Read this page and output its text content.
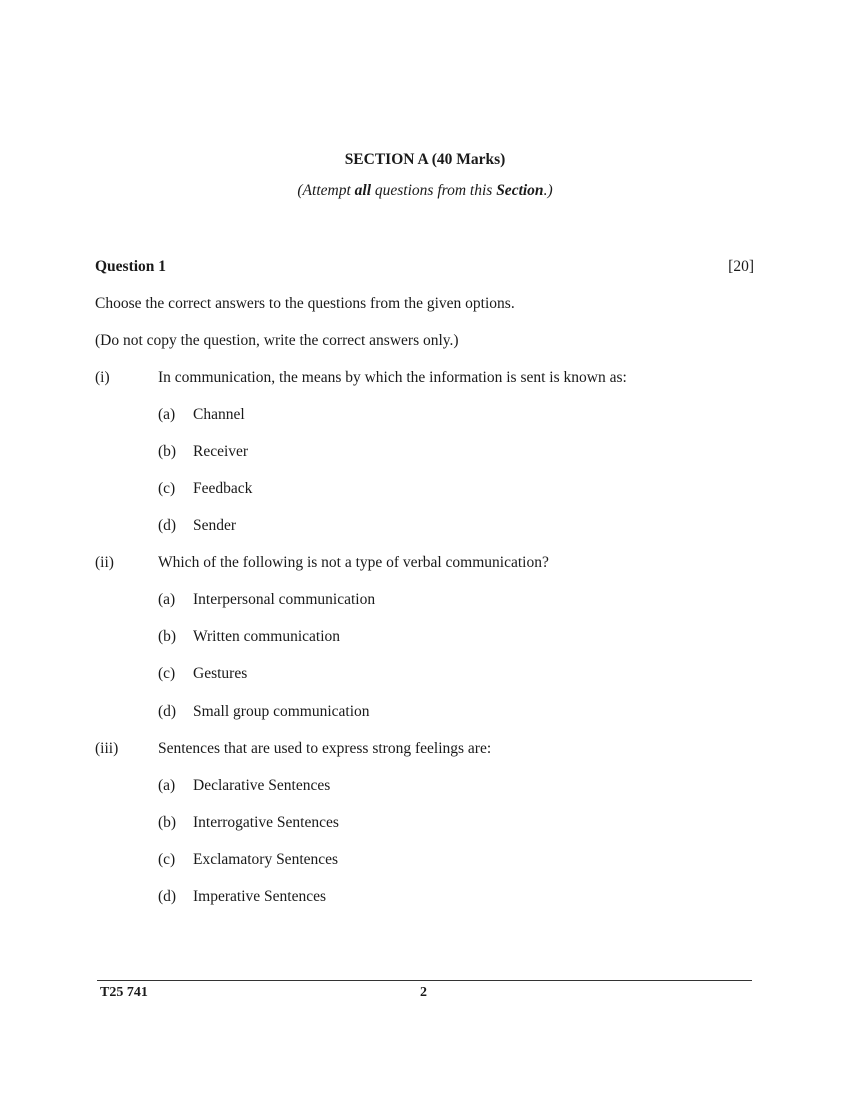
SECTION A (40 Marks)
(Attempt all questions from this Section.)
Question 1	[20]
Choose the correct answers to the questions from the given options.
(Do not copy the question, write the correct answers only.)
(i)	In communication, the means by which the information is sent is known as:
(a) Channel
(b) Receiver
(c) Feedback
(d) Sender
(ii)	Which of the following is not a type of verbal communication?
(a) Interpersonal communication
(b) Written communication
(c) Gestures
(d) Small group communication
(iii)	Sentences that are used to express strong feelings are:
(a) Declarative Sentences
(b) Interrogative Sentences
(c) Exclamatory Sentences
(d) Imperative Sentences
T25 741	2
